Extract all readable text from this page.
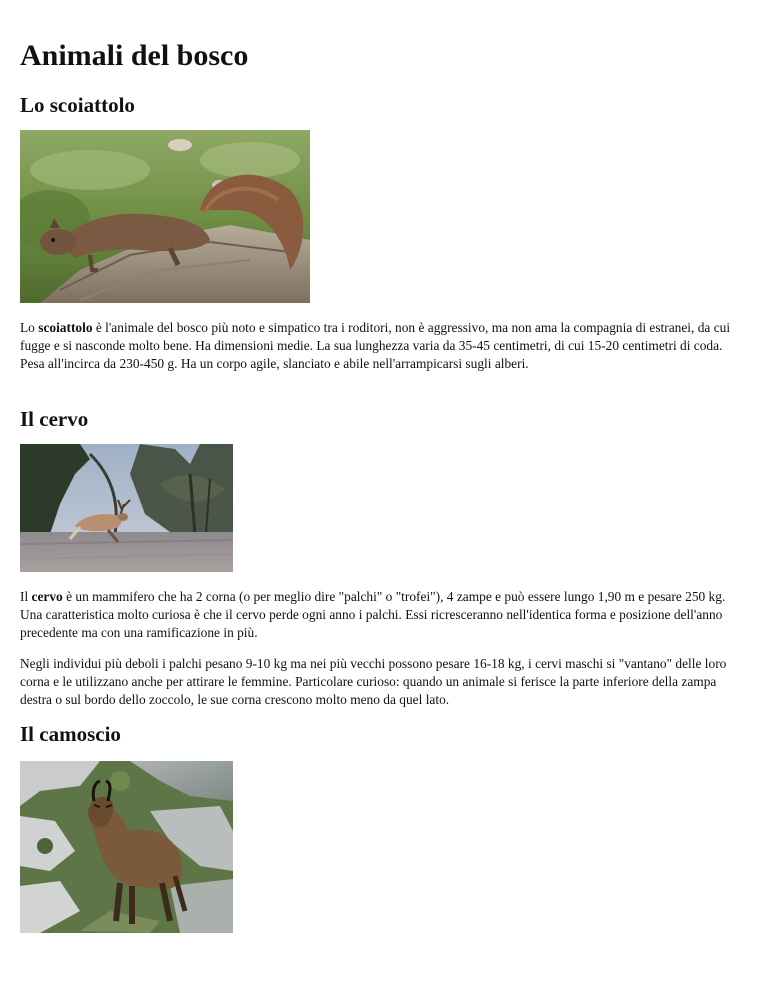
Animali del bosco
Lo scoiattolo

Lo scoiattolo è l'animale del bosco più noto e simpatico tra i roditori, non è aggressivo, ma non ama la compagnia di estranei, da cui fugge e si nasconde molto bene. Ha dimensioni medie. La sua lunghezza varia da 35-45 centimetri, di cui 15-20 centimetri di coda. Pesa all'incirca da 230-450 g. Ha un corpo agile, slanciato e abile nell'arrampicarsi sugli alberi.

Il cervo

Il cervo è un mammifero che ha 2 corna (o per meglio dire "palchi" o "trofei"), 4 zampe e può essere lungo 1,90 m e pesare 250 kg. Una caratteristica molto curiosa è che il cervo perde ogni anno i palchi. Essi ricresceranno nell'identica forma e posizione dell'anno precedente ma con una ramificazione in più.

Negli individui più deboli i palchi pesano 9-10 kg ma nei più vecchi possono pesare 16-18 kg, i cervi maschi si "vantano" delle loro corna e le utilizzano anche per attirare le femmine. Particolare curioso: quando un animale si ferisce la parte inferiore della zampa destra o sul bordo dello zoccolo, le sue corna crescono molto meno da quel lato.

Il camoscio
